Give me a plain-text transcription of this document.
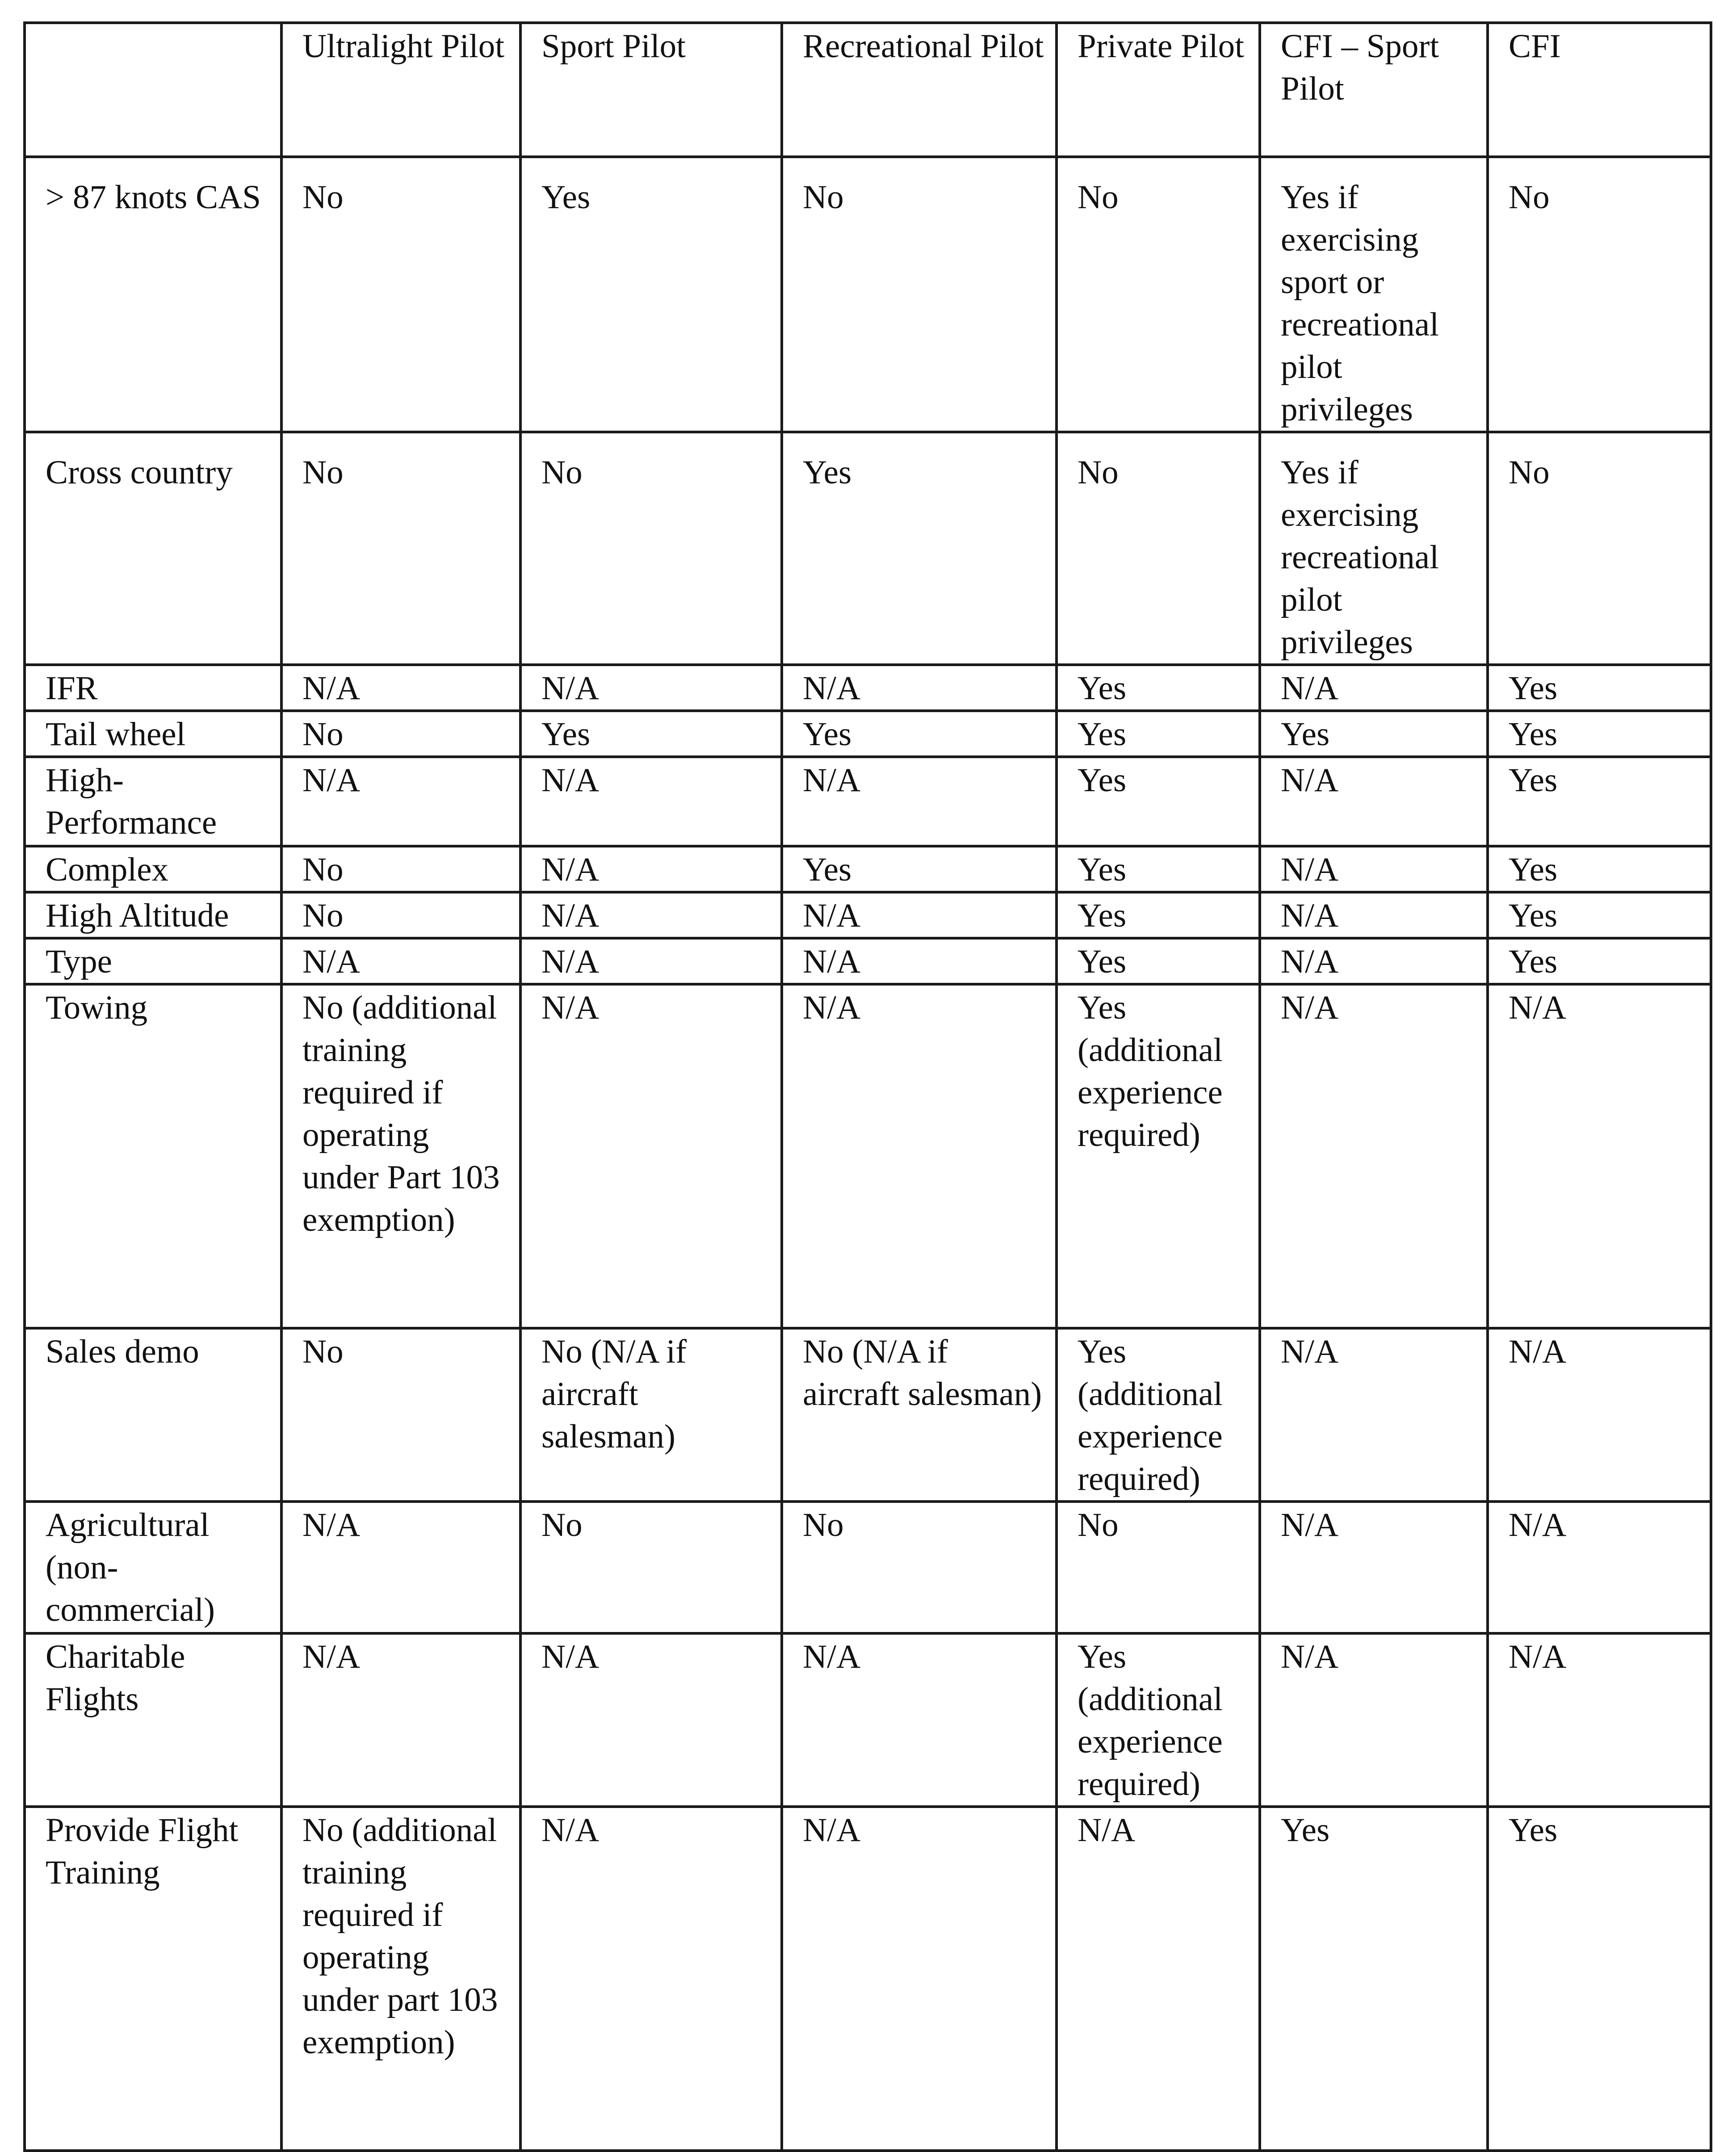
	Ultralight Pilot	Sport Pilot	Recreational Pilot	Private Pilot	CFI – Sport Pilot	CFI
> 87 knots CAS	No	Yes	No	No	Yes if exercising sport or recreational pilot privileges	No
Cross country	No	No	Yes	No	Yes if exercising recreational pilot privileges	No
IFR	N/A	N/A	N/A	Yes	N/A	Yes
Tail wheel	No	Yes	Yes	Yes	Yes	Yes
High-Performance	N/A	N/A	N/A	Yes	N/A	Yes
Complex	No	N/A	Yes	Yes	N/A	Yes
High Altitude	No	N/A	N/A	Yes	N/A	Yes
Type	N/A	N/A	N/A	Yes	N/A	Yes
Towing	No (additional training required if operating under Part 103 exemption)	N/A	N/A	Yes (additional experience required)	N/A	N/A
Sales demo	No	No (N/A if aircraft salesman)	No (N/A if aircraft salesman)	Yes (additional experience required)	N/A	N/A
Agricultural (non-commercial)	N/A	No	No	No	N/A	N/A
Charitable Flights	N/A	N/A	N/A	Yes (additional experience required)	N/A	N/A
Provide Flight Training	No (additional training required if operating under part 103 exemption)	N/A	N/A	N/A	Yes	Yes
